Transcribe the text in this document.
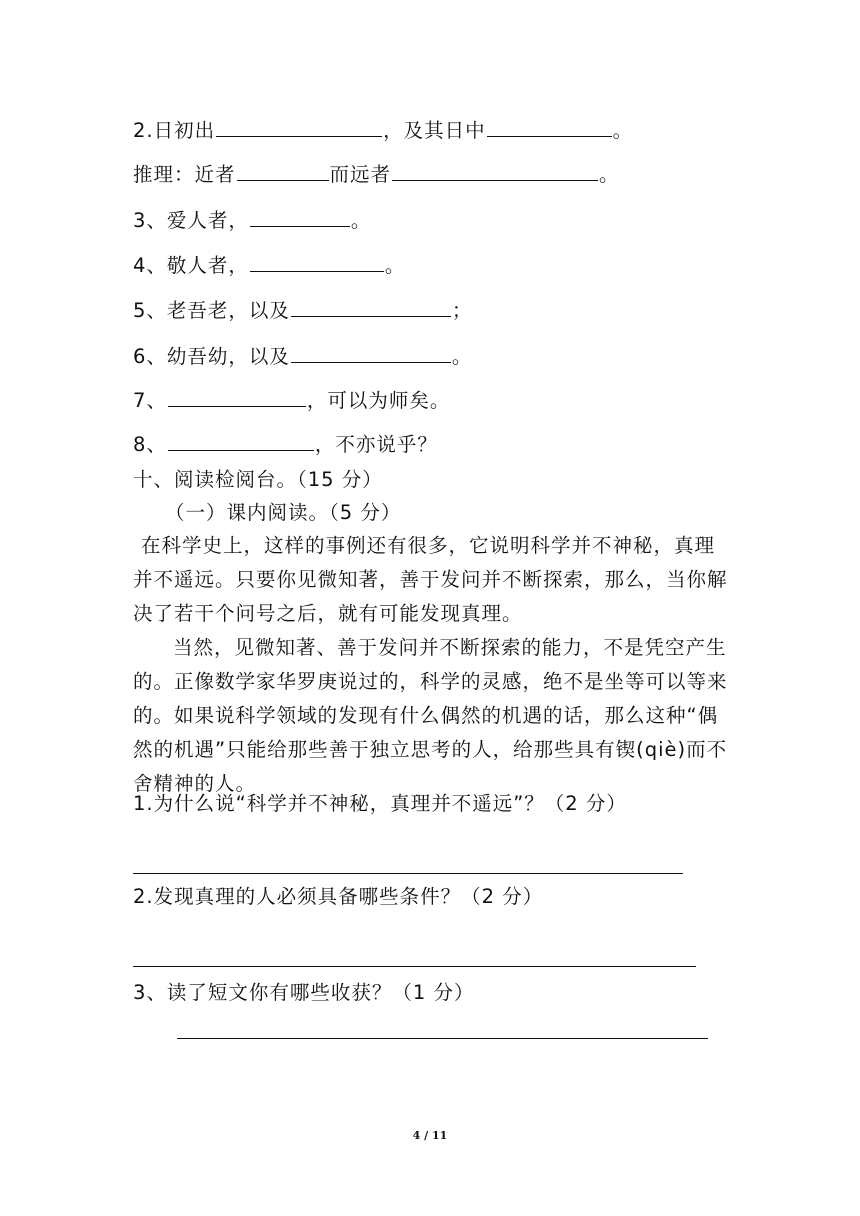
2.日初出	，及其日中	。
推理：近者	而远者	。
3、爱人者，	。
4、敬人者，	。
5、老吾老，以及	；
6、幼吾幼，以及	。
7、	，可以为师矣。
8、	，不亦说乎？
十、阅读检阅台。（15 分）
（一）课内阅读。（5 分）
在科学史上，这样的事例还有很多，它说明科学并不神秘，真理并不遥远。只要你见微知著，善于发问并不断探索，那么，当你解决了若干个问号之后，就有可能发现真理。
当然，见微知著、善于发问并不断探索的能力，不是凭空产生的。正像数学家华罗庚说过的，科学的灵感，绝不是坐等可以等来的。如果说科学领域的发现有什么偶然的机遇的话，那么这种“偶然的机遇”只能给那些善于独立思考的人，给那些具有锲(qiè)而不舍精神的人。
1.为什么说“科学并不神秘，真理并不遥远”？（2 分）
2.发现真理的人必须具备哪些条件？（2 分）
3、读了短文你有哪些收获？（1 分）
4 / 11
